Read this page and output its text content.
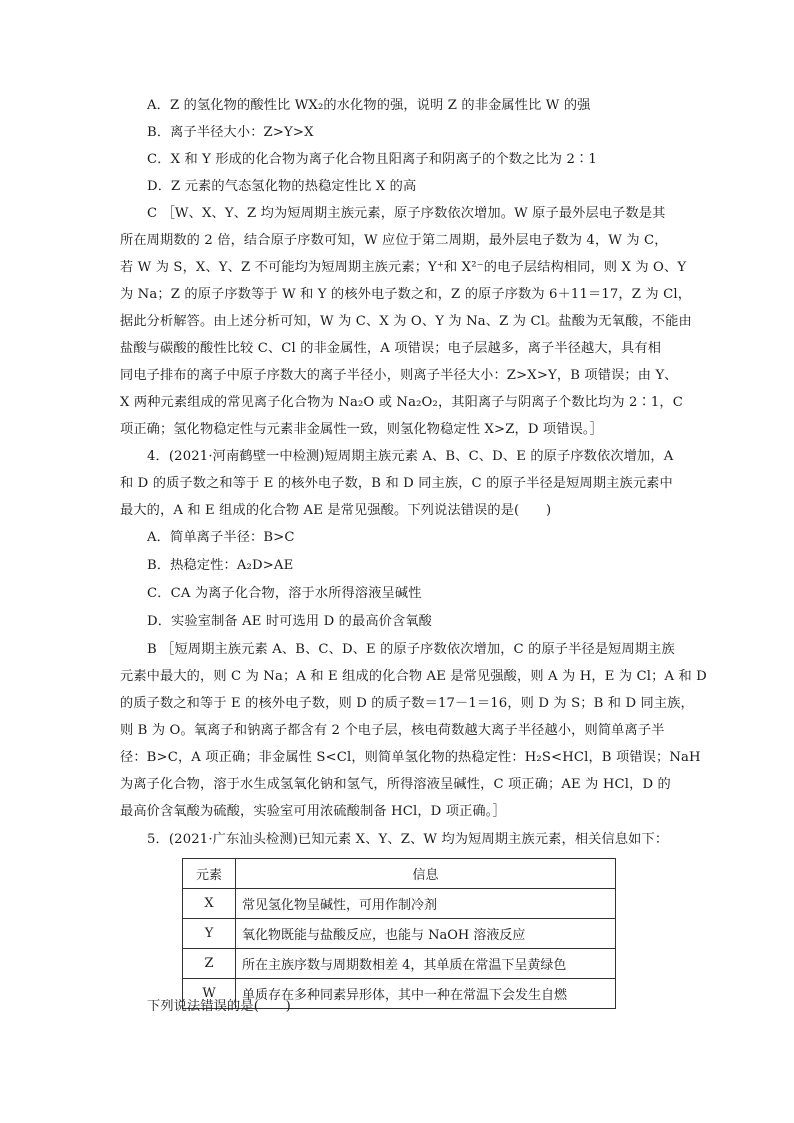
A．Z 的氢化物的酸性比 WX₂的水化物的强，说明 Z 的非金属性比 W 的强
B．离子半径大小：Z>Y>X
C．X 和 Y 形成的化合物为离子化合物且阳离子和阴离子的个数之比为 2∶1
D．Z 元素的气态氢化物的热稳定性比 X 的高
C ［W、X、Y、Z 均为短周期主族元素，原子序数依次增加。W 原子最外层电子数是其
所在周期数的 2 倍，结合原子序数可知，W 应位于第二周期，最外层电子数为 4，W 为 C，
若 W 为 S，X、Y、Z 不可能均为短周期主族元素；Y⁺和 X²⁻的电子层结构相同，则 X 为 O、Y
为 Na；Z 的原子序数等于 W 和 Y 的核外电子数之和，Z 的原子序数为 6＋11＝17，Z 为 Cl，
据此分析解答。由上述分析可知，W 为 C、X 为 O、Y 为 Na、Z 为 Cl。盐酸为无氧酸，不能由
盐酸与碳酸的酸性比较 C、Cl 的非金属性，A 项错误；电子层越多，离子半径越大，具有相
同电子排布的离子中原子序数大的离子半径小，则离子半径大小：Z>X>Y，B 项错误；由 Y、
X 两种元素组成的常见离子化合物为 Na₂O 或 Na₂O₂，其阳离子与阴离子个数比均为 2∶1，C
项正确；氢化物稳定性与元素非金属性一致，则氢化物稳定性 X>Z，D 项错误。］
4．(2021·河南鹤壁一中检测)短周期主族元素 A、B、C、D、E 的原子序数依次增加，A
和 D 的质子数之和等于 E 的核外电子数，B 和 D 同主族，C 的原子半径是短周期主族元素中
最大的，A 和 E 组成的化合物 AE 是常见强酸。下列说法错误的是(　　)
A．简单离子半径：B>C
B．热稳定性：A₂D>AE
C．CA 为离子化合物，溶于水所得溶液呈碱性
D．实验室制备 AE 时可选用 D 的最高价含氧酸
B ［短周期主族元素 A、B、C、D、E 的原子序数依次增加，C 的原子半径是短周期主族
元素中最大的，则 C 为 Na；A 和 E 组成的化合物 AE 是常见强酸，则 A 为 H，E 为 Cl；A 和 D
的质子数之和等于 E 的核外电子数，则 D 的质子数＝17－1＝16，则 D 为 S；B 和 D 同主族，
则 B 为 O。氧离子和钠离子都含有 2 个电子层，核电荷数越大离子半径越小，则简单离子半
径：B>C，A 项正确；非金属性 S<Cl，则简单氢化物的热稳定性：H₂S<HCl，B 项错误；NaH
为离子化合物，溶于水生成氢氧化钠和氢气，所得溶液呈碱性，C 项正确；AE 为 HCl，D 的
最高价含氧酸为硫酸，实验室可用浓硫酸制备 HCl，D 项正确。］
5．(2021·广东汕头检测)已知元素 X、Y、Z、W 均为短周期主族元素，相关信息如下：
元素	信息
X	常见氢化物呈碱性，可用作制冷剂
Y	氧化物既能与盐酸反应，也能与 NaOH 溶液反应
Z	所在主族序数与周期数相差 4，其单质在常温下呈黄绿色
W	单质存在多种同素异形体，其中一种在常温下会发生自燃
下列说法错误的是(　　)
